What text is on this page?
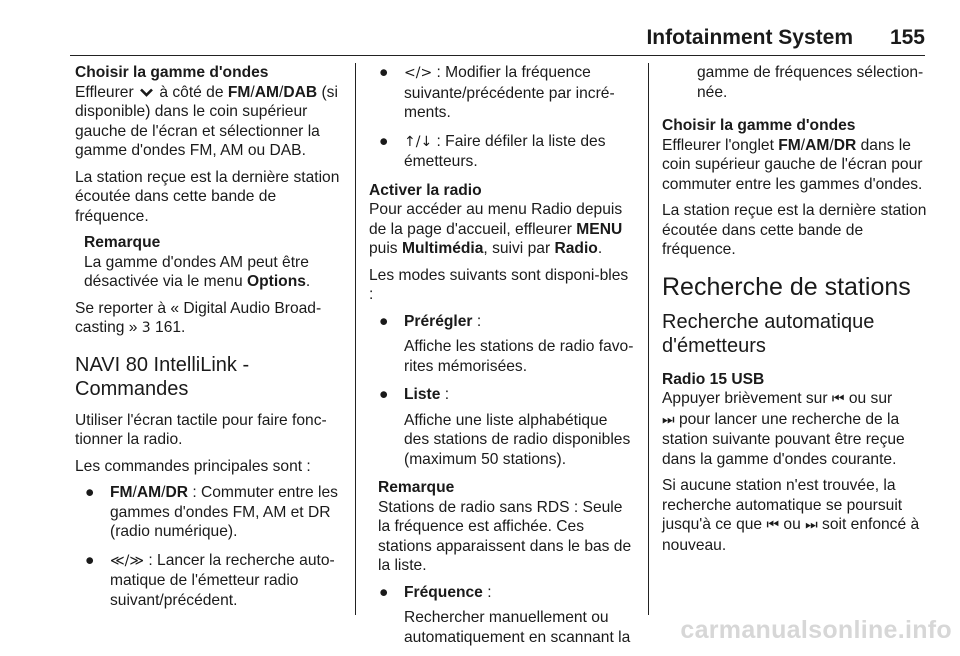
Infotainment System 155
Choisir la gamme d'ondes

Effleurer à côté de FM/AM/DAB (si disponible) dans le coin supérieur gauche de l'écran et sélectionner la gamme d'ondes FM, AM ou DAB.

La station reçue est la dernière station écoutée dans cette bande de fréquence.

Remarque
La gamme d'ondes AM peut être désactivée via le menu Options.

Se reporter à « Digital Audio Broad-casting » 3 161.

NAVI 80 IntelliLink - Commandes

Utiliser l'écran tactile pour faire fonc-tionner la radio.

Les commandes principales sont :

● FM/AM/DR : Commuter entre les gammes d'ondes FM, AM et DR (radio numérique).
● ≪/≫ : Lancer la recherche auto-matique de l'émetteur radio suivant/précédent.
● </> : Modifier la fréquence suivante/précédente par incré-ments.
● ↑/↓ : Faire défiler la liste des émetteurs.
Activer la radio

Pour accéder au menu Radio depuis de la page d'accueil, effleurer MENU puis Multimédia, suivi par Radio.

Les modes suivants sont disponi-bles :

● Prérégler :
Affiche les stations de radio favo-rites mémorisées.
● Liste :
Affiche une liste alphabétique des stations de radio disponibles (maximum 50 stations).
Remarque
Stations de radio sans RDS : Seule la fréquence est affichée. Ces stations apparaissent dans le bas de la liste.
● Fréquence :
Rechercher manuellement ou automatiquement en scannant la
gamme de fréquences sélection-née.
Choisir la gamme d'ondes

Effleurer l'onglet FM/AM/DR dans le coin supérieur gauche de l'écran pour commuter entre les gammes d'ondes.

La station reçue est la dernière station écoutée dans cette bande de fréquence.

Recherche de stations
Recherche automatique d'émetteurs
Radio 15 USB

Appuyer brièvement sur ⏮ ou sur
⏭ pour lancer une recherche de la station suivante pouvant être reçue dans la gamme d'ondes courante.

Si aucune station n'est trouvée, la recherche automatique se poursuit jusqu'à ce que ⏮ ou ⏭ soit enfoncé à nouveau.

carmanualsonline.info
